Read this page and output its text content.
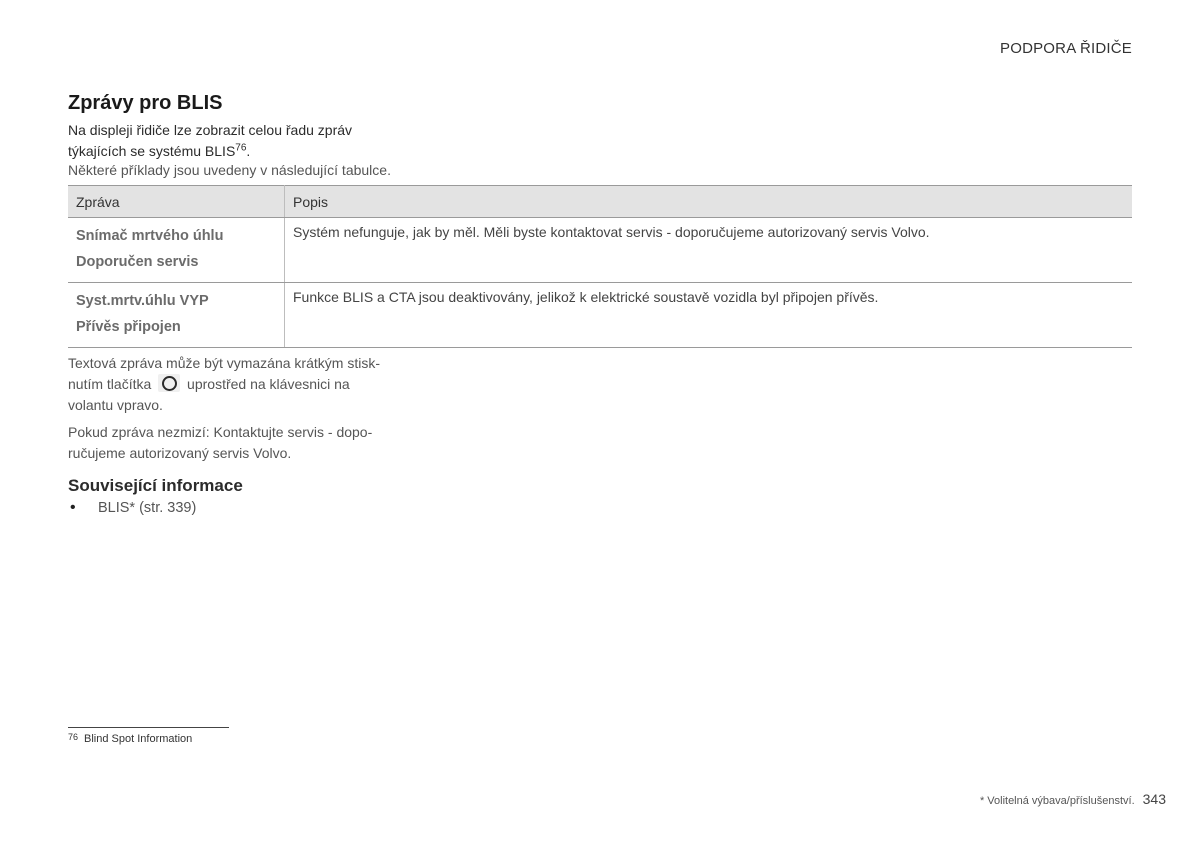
PODPORA ŘIDIČE
Zprávy pro BLIS
Na displeji řidiče lze zobrazit celou řadu zpráv
týkajících se systému BLIS$^{76}$.
Některé příklady jsou uvedeny v následující tabulce.
Zpráva	Popis

Snímač mrtvého úhlu
Doporučen servis	Systém nefunguje, jak by měl. Měli byste kontaktovat servis - doporučujeme autorizovaný servis Volvo.

Syst.mrtv.úhlu VYP
Přívěs připojen	Funkce BLIS a CTA jsou deaktivovány, jelikož k elektrické soustavě vozidla byl připojen přívěs.

Textová zpráva může být vymazána krátkým stisk-
nutím tlačítka	uprostřed na klávesnici na
volantu vpravo.

Pokud zpráva nezmizí: Kontaktujte servis - dopo-
ručujeme autorizovaný servis Volvo.

Související informace
• BLIS* (str. 339)
$^{76}$ Blind Spot Information
* Volitelná výbava/příslušenství. 343
